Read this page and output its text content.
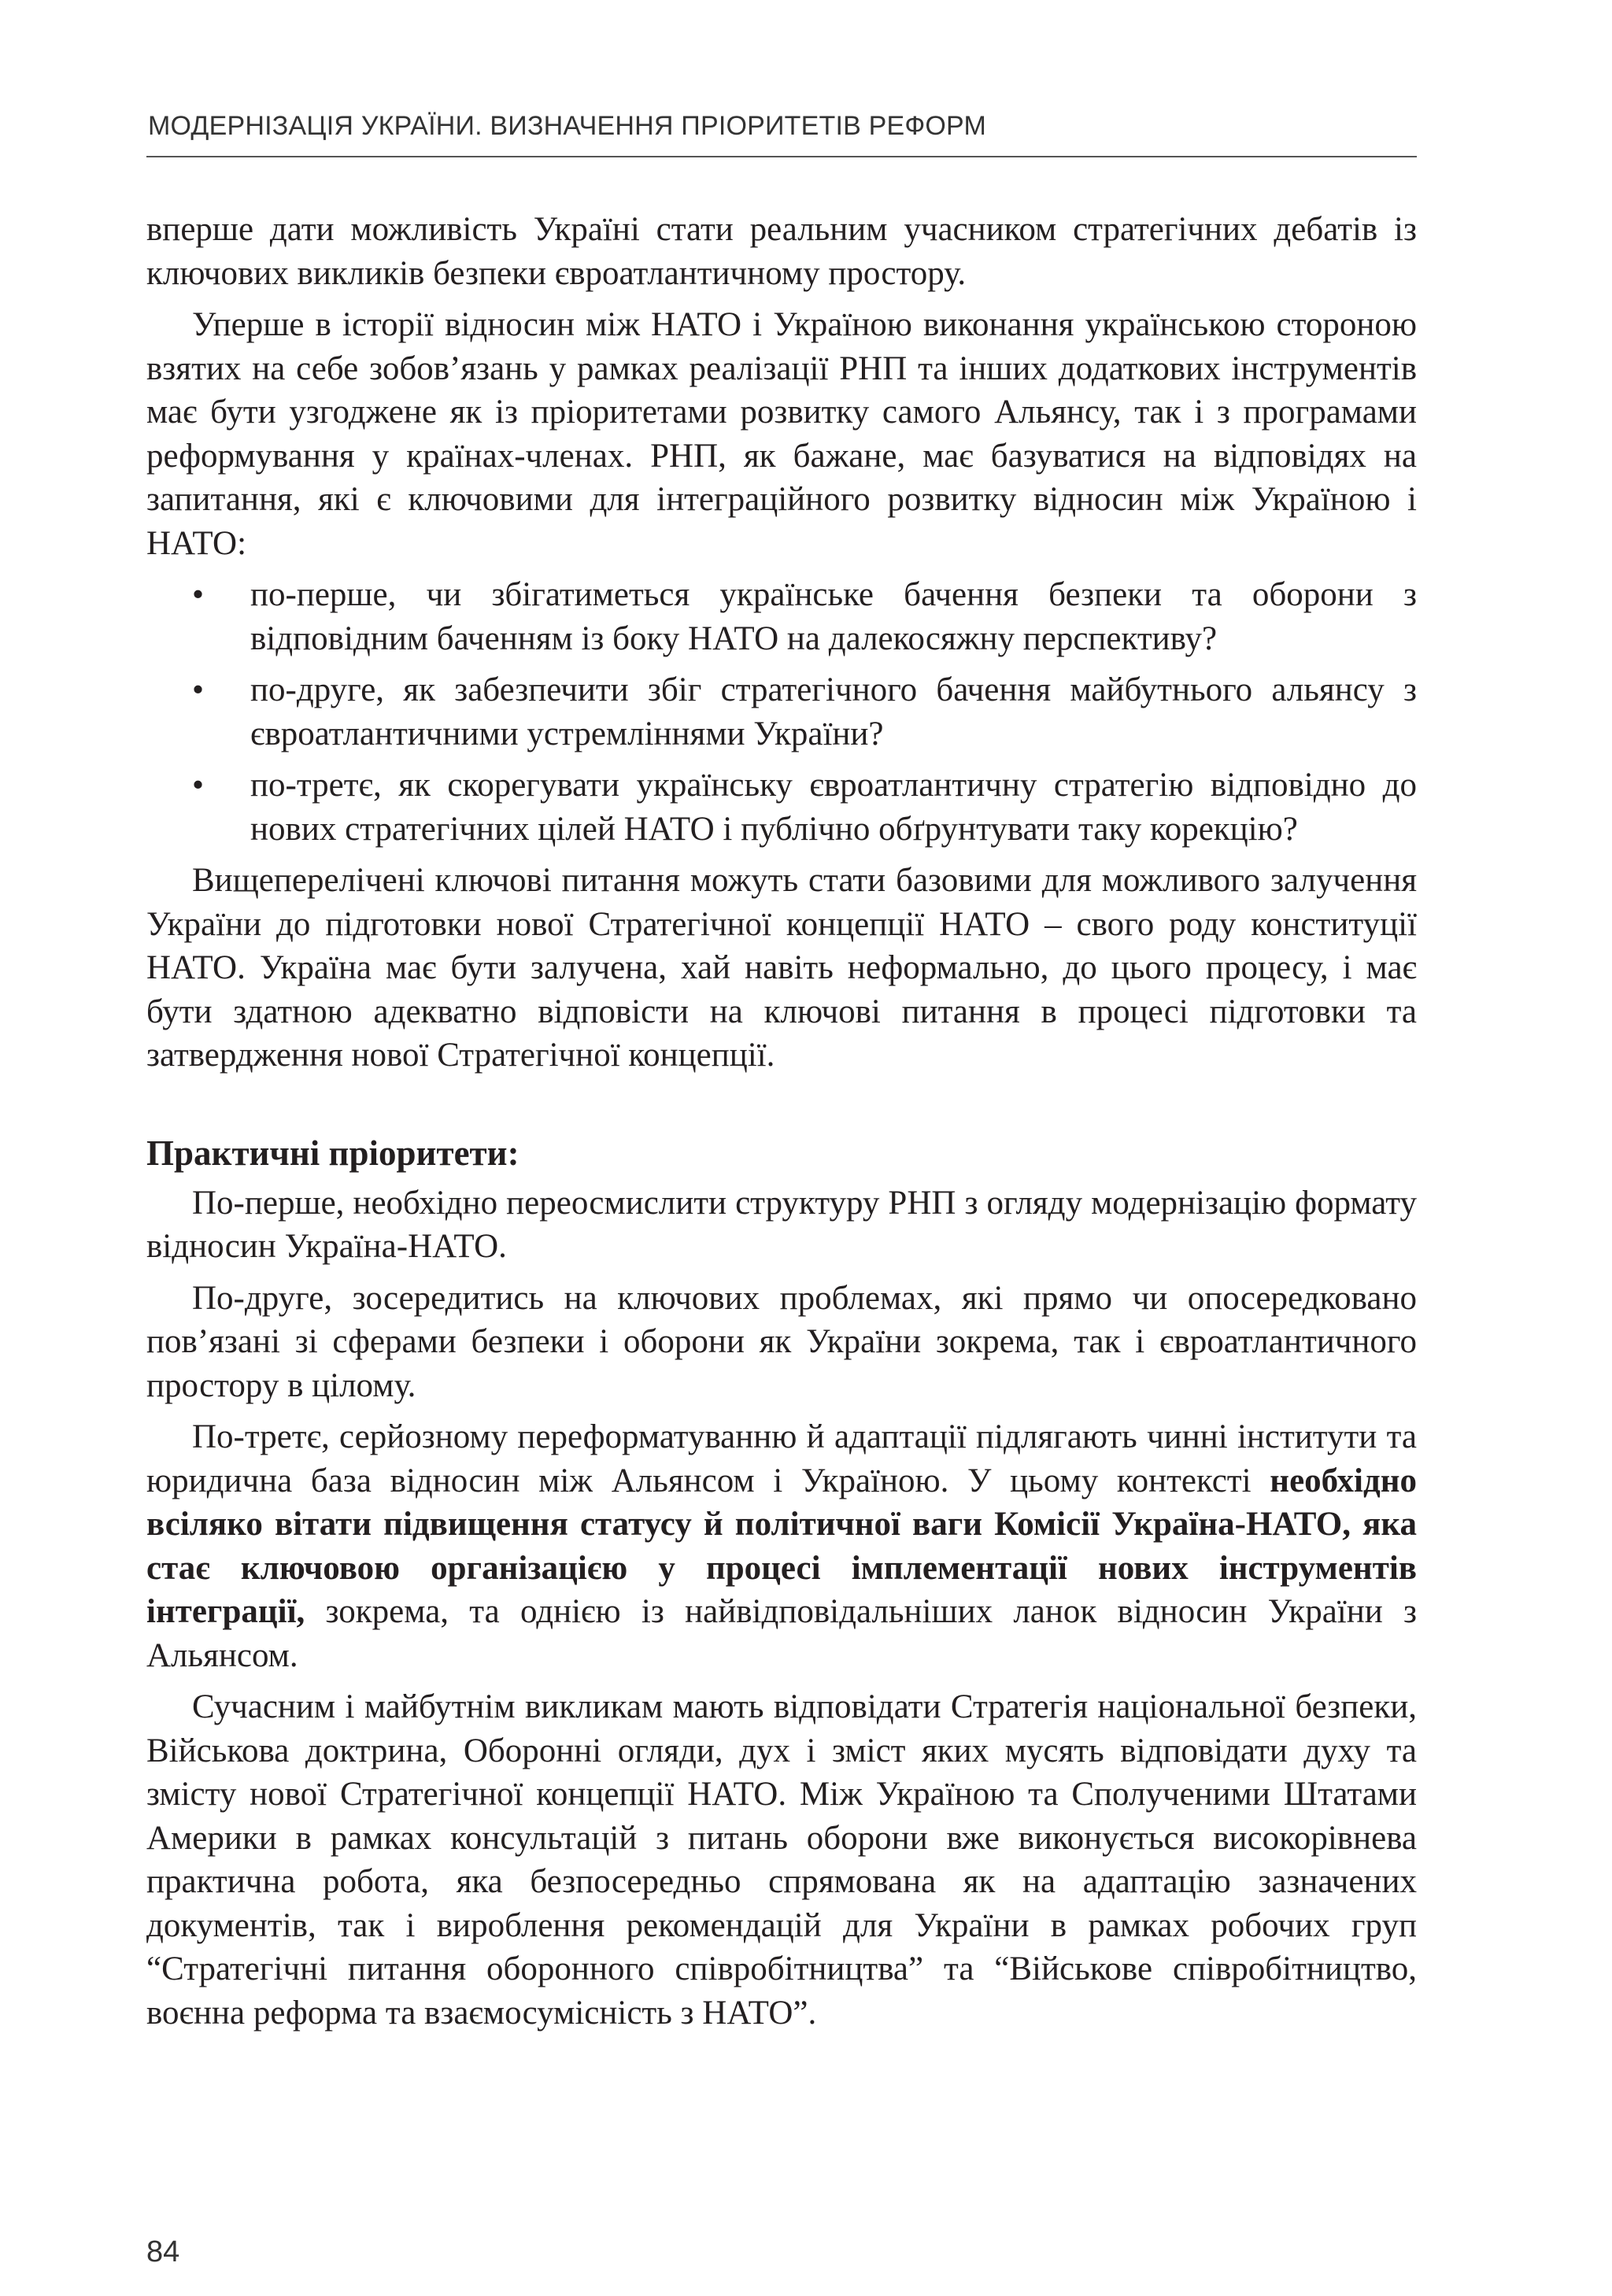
МОДЕРНІЗАЦІЯ УКРАЇНИ. ВИЗНАЧЕННЯ ПРІОРИТЕТІВ РЕФОРМ

вперше дати можливість Україні стати реальним учасником стратегічних дебатів із ключових викликів безпеки євроатлантичному простору.

Уперше в історії відносин між НАТО і Україною виконання українською стороною взятих на себе зобов’язань у рамках реалізації РНП та інших додаткових інструментів має бути узгоджене як із пріоритетами розвитку самого Альянсу, так і з програмами реформування у країнах-членах. РНП, як бажане, має базуватися на відповідях на запитання, які є ключовими для інтеграційного розвитку відносин між Україною і НАТО:

• по-перше, чи збігатиметься українське бачення безпеки та оборони з відповідним баченням із боку НАТО на далекосяжну перспективу?
• по-друге, як забезпечити збіг стратегічного бачення майбутнього альянсу з євроатлантичними устремліннями України?
• по-третє, як скорегувати українську євроатлантичну стратегію відповідно до нових стратегічних цілей НАТО і публічно обґрунтувати таку корекцію?

Вищеперелічені ключові питання можуть стати базовими для можливого залучення України до підготовки нової Стратегічної концепції НАТО – свого роду конституції НАТО. Україна має бути залучена, хай навіть неформально, до цього процесу, і має бути здатною адекватно відповісти на ключові питання в процесі підготовки та затвердження нової Стратегічної концепції.

Практичні пріоритети:

По-перше, необхідно переосмислити структуру РНП з огляду модернізацію формату відносин Україна-НАТО.

По-друге, зосередитись на ключових проблемах, які прямо чи опосередковано пов’язані зі сферами безпеки і оборони як України зокрема, так і євроатлантичного простору в цілому.

По-третє, серйозному переформатуванню й адаптації підлягають чинні інститути та юридична база відносин між Альянсом і Україною. У цьому контексті необхідно всіляко вітати підвищення статусу й політичної ваги Комісії Україна-НАТО, яка стає ключовою організацією у процесі імплементації нових інструментів інтеграції, зокрема, та однією із найвідповідальніших ланок відносин України з Альянсом.

Сучасним і майбутнім викликам мають відповідати Стратегія національної безпеки, Військова доктрина, Оборонні огляди, дух і зміст яких мусять відповідати духу та змісту нової Стратегічної концепції НАТО. Між Україною та Сполученими Штатами Америки в рамках консультацій з питань оборони вже виконується високорівнева практична робота, яка безпосередньо спрямована як на адаптацію зазначених документів, так і вироблення рекомендацій для України в рамках робочих груп “Стратегічні питання оборонного співробітництва” та “Військове співробітництво, воєнна реформа та взаємосумісність з НАТО”.

84
